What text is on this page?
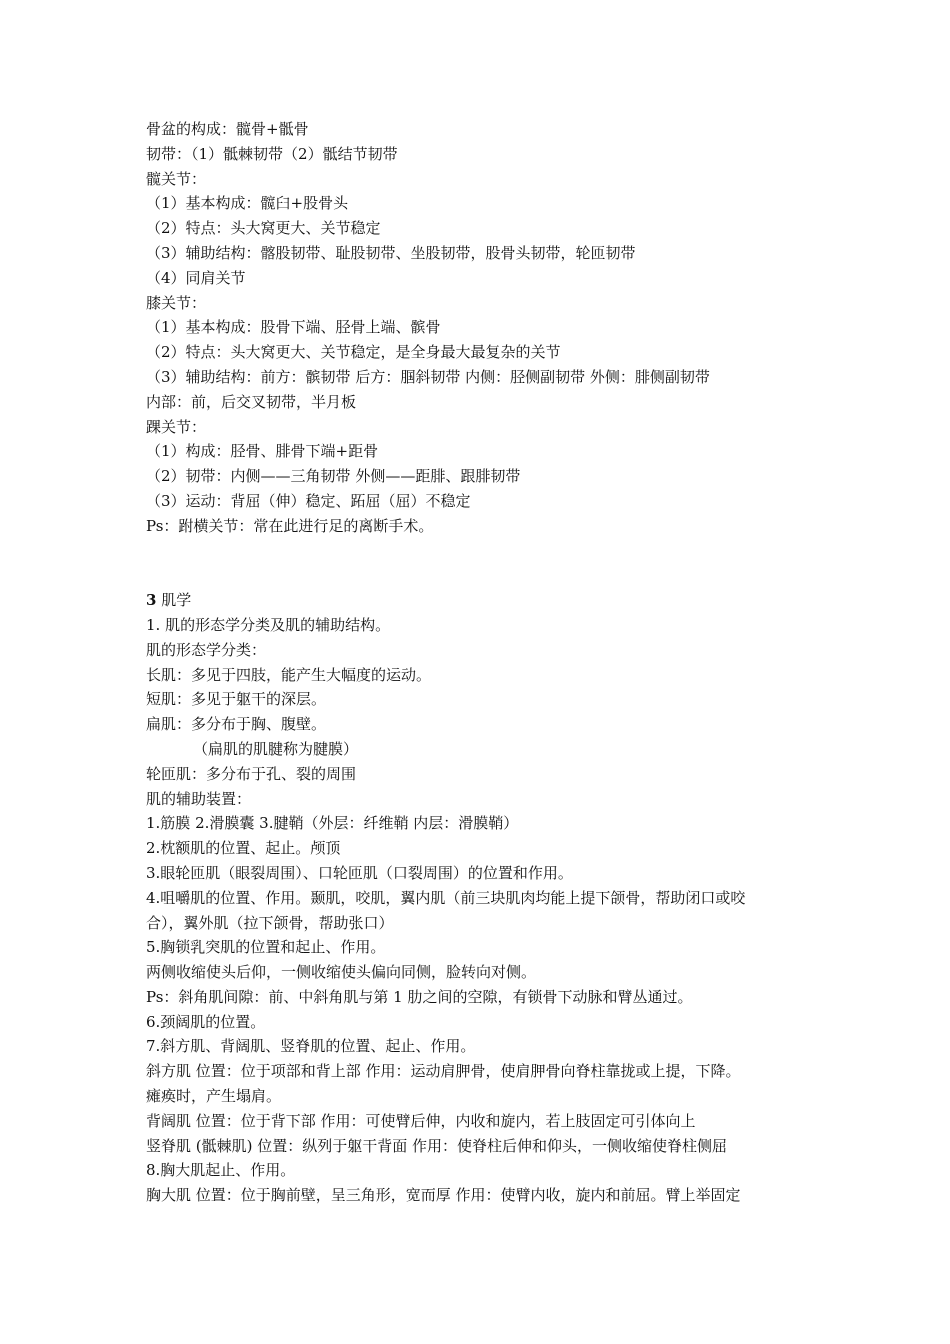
骨盆的构成：髋骨+骶骨
韧带：（1）骶棘韧带（2）骶结节韧带
髋关节：
（1）基本构成：髋臼+股骨头
（2）特点：头大窝更大、关节稳定
（3）辅助结构：髂股韧带、耻股韧带、坐股韧带，股骨头韧带，轮匝韧带
（4）同肩关节
膝关节：
（1）基本构成：股骨下端、胫骨上端、髌骨
（2）特点：头大窝更大、关节稳定，是全身最大最复杂的关节
（3）辅助结构：前方：髌韧带 后方：腘斜韧带 内侧：胫侧副韧带 外侧：腓侧副韧带
内部：前，后交叉韧带，半月板
踝关节：
（1）构成：胫骨、腓骨下端+距骨
（2）韧带：内侧——三角韧带 外侧——距腓、跟腓韧带
（3）运动：背屈（伸）稳定、跖屈（屈）不稳定
Ps：跗横关节：常在此进行足的离断手术。
3 肌学
1. 肌的形态学分类及肌的辅助结构。
肌的形态学分类：
长肌：多见于四肢，能产生大幅度的运动。
短肌：多见于躯干的深层。
扁肌：多分布于胸、腹壁。
（扁肌的肌腱称为腱膜）
轮匝肌：多分布于孔、裂的周围
肌的辅助装置：
1.筋膜 2.滑膜囊 3.腱鞘（外层：纤维鞘 内层：滑膜鞘）
2.枕额肌的位置、起止。颅顶
3.眼轮匝肌（眼裂周围）、口轮匝肌（口裂周围）的位置和作用。
4.咀嚼肌的位置、作用。颞肌，咬肌，翼内肌（前三块肌肉均能上提下颌骨，帮助闭口或咬
合），翼外肌（拉下颌骨，帮助张口）
5.胸锁乳突肌的位置和起止、作用。
两侧收缩使头后仰，一侧收缩使头偏向同侧，脸转向对侧。
Ps：斜角肌间隙：前、中斜角肌与第 1 肋之间的空隙，有锁骨下动脉和臂丛通过。
6.颈阔肌的位置。
7.斜方肌、背阔肌、竖脊肌的位置、起止、作用。
斜方肌 位置：位于项部和背上部 作用：运动肩胛骨，使肩胛骨向脊柱靠拢或上提，下降。
瘫痪时，产生塌肩。
背阔肌 位置：位于背下部 作用：可使臂后伸，内收和旋内，若上肢固定可引体向上
竖脊肌 (骶棘肌) 位置：纵列于躯干背面 作用：使脊柱后伸和仰头，一侧收缩使脊柱侧屈
8.胸大肌起止、作用。
胸大肌 位置：位于胸前壁，呈三角形，宽而厚 作用：使臂内收，旋内和前屈。臂上举固定
